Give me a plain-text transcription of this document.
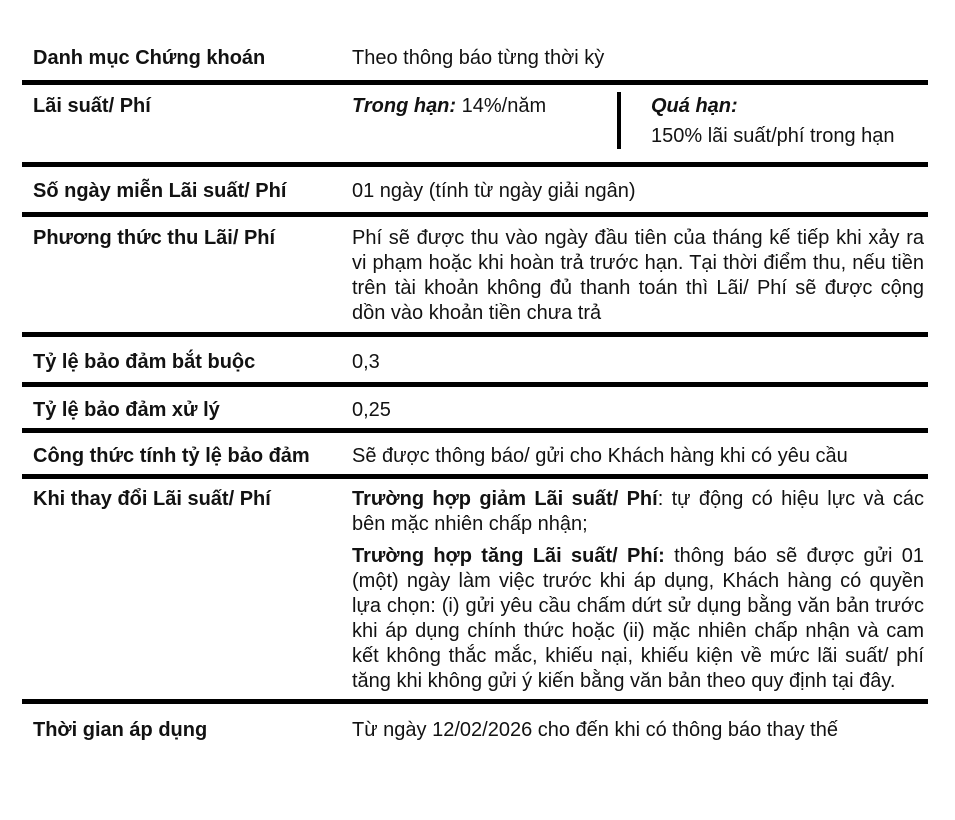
Danh mục Chứng khoán	Theo thông báo từng thời kỳ
Lãi suất/ Phí	Trong hạn: 14%/năm	Quá hạn:
150% lãi suất/phí trong hạn
Số ngày miễn Lãi suất/ Phí	01 ngày (tính từ ngày giải ngân)
Phương thức thu Lãi/ Phí	Phí sẽ được thu vào ngày đầu tiên của tháng kế tiếp khi xảy ra vi phạm hoặc khi hoàn trả trước hạn. Tại thời điểm thu, nếu tiền trên tài khoản không đủ thanh toán thì Lãi/ Phí sẽ được cộng dồn vào khoản tiền chưa trả
Tỷ lệ bảo đảm bắt buộc	0,3
Tỷ lệ bảo đảm xử lý	0,25
Công thức tính tỷ lệ bảo đảm	Sẽ được thông báo/ gửi cho Khách hàng khi có yêu cầu
Khi thay đổi Lãi suất/ Phí	Trường hợp giảm Lãi suất/ Phí: tự động có hiệu lực và các bên mặc nhiên chấp nhận;
Trường hợp tăng Lãi suất/ Phí: thông báo sẽ được gửi 01 (một) ngày làm việc trước khi áp dụng, Khách hàng có quyền lựa chọn: (i) gửi yêu cầu chấm dứt sử dụng bằng văn bản trước khi áp dụng chính thức hoặc (ii) mặc nhiên chấp nhận và cam kết không thắc mắc, khiếu nại, khiếu kiện về mức lãi suất/ phí tăng khi không gửi ý kiến bằng văn bản theo quy định tại đây.
Thời gian áp dụng	Từ ngày 12/02/2026 cho đến khi có thông báo thay thế
